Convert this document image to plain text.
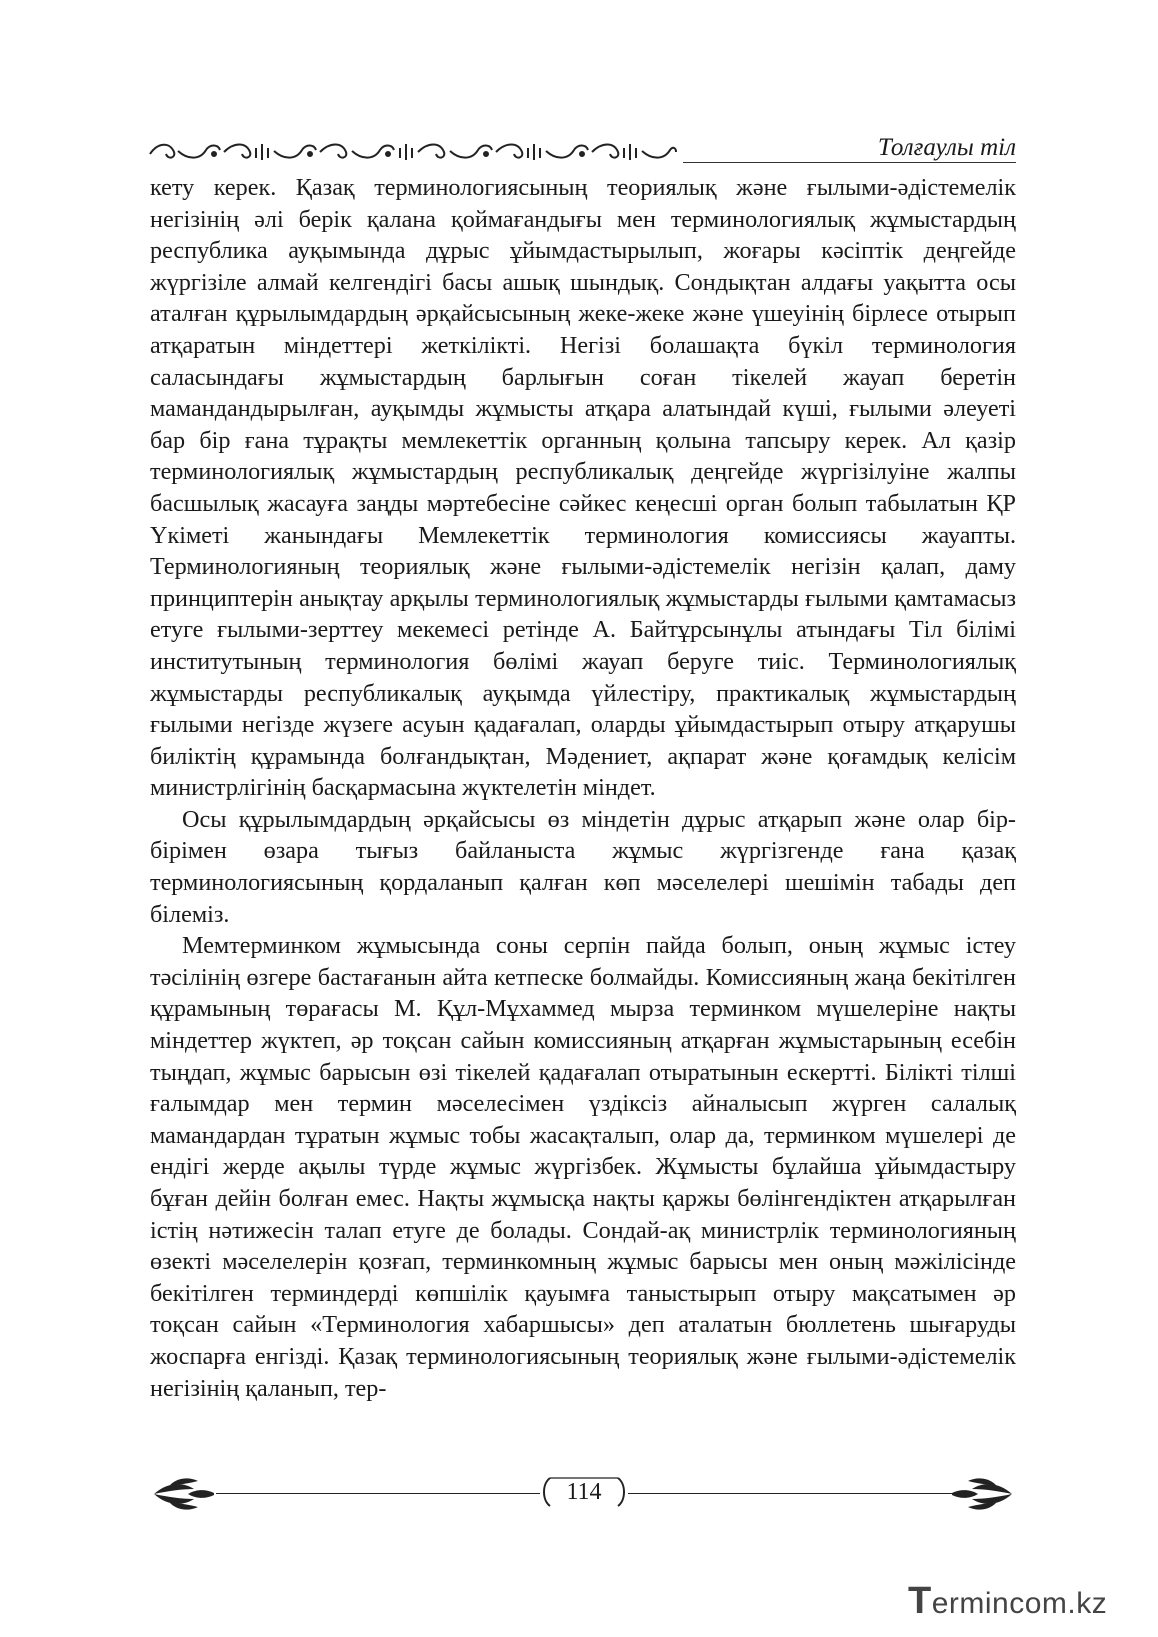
Толғаулы тіл

кету керек. Қазақ терминологиясының теориялық және ғылыми-әдістемелік негізінің әлі берік қалана қоймағандығы мен терминологиялық жұмыстардың республика ауқымында дұрыс ұйымдастырылып, жоғары кәсіптік деңгейде жүргізіле алмай келгендігі басы ашық шындық. Сондықтан алдағы уақытта осы аталған құрылымдардың әрқайсысының жеке-жеке және үшеуінің бірлесе отырып атқаратын міндеттері жеткілікті. Негізі болашақта бүкіл терминология саласындағы жұмыстардың барлығын соған тікелей жауап беретін мамандандырылған, ауқымды жұмысты атқара алатындай күші, ғылыми әлеуеті бар бір ғана тұрақты мемлекеттік органның қолына тапсыру керек. Ал қазір терминологиялық жұмыстардың республикалық деңгейде жүргізілуіне жалпы басшылық жасауға заңды мәртебесіне сәйкес кеңесші орган болып табылатын ҚР Үкіметі жанындағы Мемлекеттік терминология комиссиясы жауапты. Терминологияның теориялық және ғылыми-әдістемелік негізін қалап, даму принциптерін анықтау арқылы терминологиялық жұмыстарды ғылыми қамтамасыз етуге ғылыми-зерттеу мекемесі ретінде А. Байтұрсынұлы атындағы Тіл білімі институтының терминология бөлімі жауап беруге тиіс. Терминологиялық жұмыстарды республикалық ауқымда үйлестіру, практикалық жұмыстардың ғылыми негізде жүзеге асуын қадағалап, оларды ұйымдастырып отыру атқарушы биліктің құрамында болғандықтан, Мәдениет, ақпарат және қоғамдық келісім министрлігінің басқармасына жүктелетін міндет.

Осы құрылымдардың әрқайсысы өз міндетін дұрыс атқарып және олар бір-бірімен өзара тығыз байланыста жұмыс жүргізгенде ғана қазақ терминологиясының қордаланып қалған көп мәселелері шешімін табады деп білеміз.

Мемтерминком жұмысында соны серпін пайда болып, оның жұмыс істеу тәсілінің өзгере бастағанын айта кетпеске болмайды. Комиссияның жаңа бекітілген құрамының төрағасы М. Құл-Мұхаммед мырза терминком мүшелеріне нақты міндеттер жүктеп, әр тоқсан сайын комиссияның атқарған жұмыстарының есебін тыңдап, жұмыс барысын өзі тікелей қадағалап отыратынын ескертті. Білікті тілші ғалымдар мен термин мәселесімен үздіксіз айналысып жүрген салалық мамандардан тұратын жұмыс тобы жасақталып, олар да, терминком мүшелері де ендігі жерде ақылы түрде жұмыс жүргізбек. Жұмысты бұлайша ұйымдастыру бұған дейін болған емес. Нақты жұмысқа нақты қаржы бөлінгендіктен атқарылған істің нәтижесін талап етуге де болады. Сондай-ақ министрлік терминологияның өзекті мәселелерін қозғап, терминкомның жұмыс барысы мен оның мәжілісінде бекітілген терминдерді көпшілік қауымға таныстырып отыру мақсатымен әр тоқсан сайын «Терминология хабаршысы» деп аталатын бюллетень шығаруды жоспарға енгізді. Қазақ терминологиясының теориялық және ғылыми-әдістемелік негізінің қаланып, тер-

114
Termincom.kz
